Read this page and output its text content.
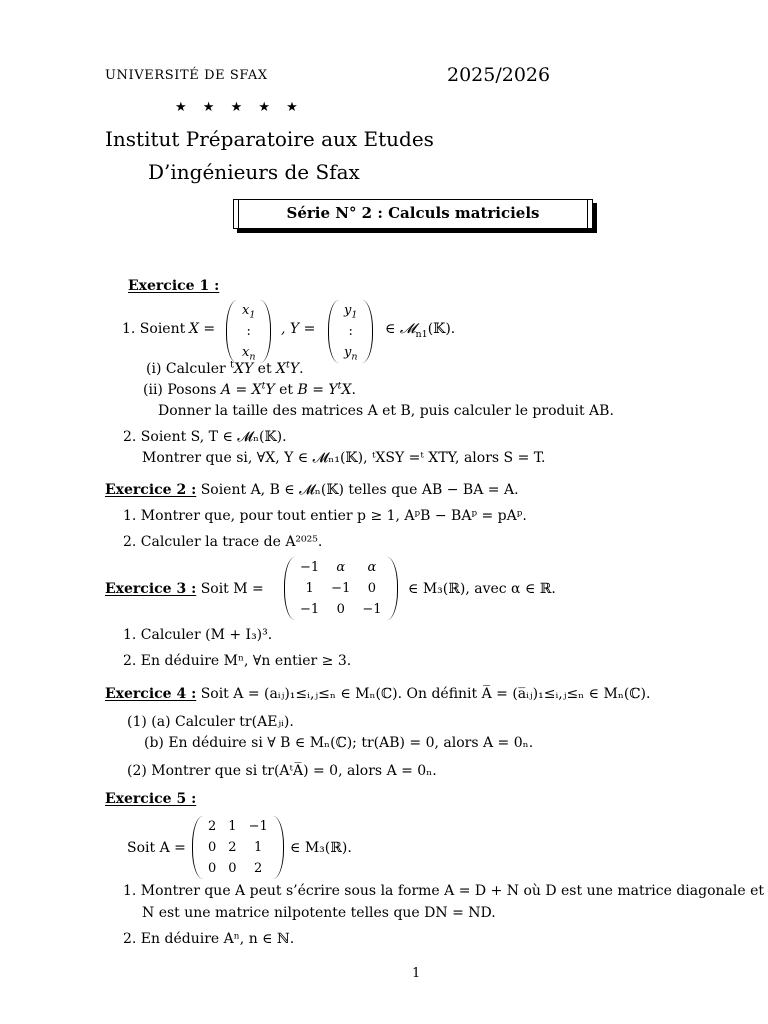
UNIVERSITÉ DE SFAX	2025/2026
★ ★ ★ ★ ★
Institut Préparatoire aux Etudes
D’ingénieurs de Sfax
Série N° 2 : Calculs matriciels
Exercice 1 :
1. Soient X =
$x_1$
:
$x_n$
, Y =
$y_1$
:
$y_n$
∈ 𝓜$_{n1}$(𝕂).
(i) Calculer $^t$XY et $X^tY$.
(ii) Posons $A = X^tY$ et $B = Y^tX$.
Donner la taille des matrices A et B, puis calculer le produit AB.
2. Soient S, T ∈ 𝓜ₙ(𝕂).
Montrer que si, ∀X, Y ∈ 𝓜ₙ₁(𝕂), ᵗXSY =ᵗ XTY, alors S = T.
Exercice 2 : Soient A, B ∈ 𝓜ₙ(𝕂) telles que AB − BA = A.
1. Montrer que, pour tout entier p ≥ 1, AᵖB − BAᵖ = pAᵖ.
2. Calculer la trace de A²⁰²⁵.
Exercice 3 : Soit M =
−1	α	α
1	−1	0
−1	0	−1
∈ M₃(ℝ), avec α ∈ ℝ.
1. Calculer (M + I₃)³.
2. En déduire Mⁿ, ∀n entier ≥ 3.
Exercice 4 : Soit A = (aᵢⱼ)₁≤ᵢ,ⱼ≤ₙ ∈ Mₙ(ℂ). On définit A̅ = (a̅ᵢⱼ)₁≤ᵢ,ⱼ≤ₙ ∈ Mₙ(ℂ).
(1) (a) Calculer tr(AEⱼᵢ).
(b) En déduire si ∀ B ∈ Mₙ(ℂ); tr(AB) = 0, alors A = 0ₙ.
(2) Montrer que si tr(AᵗA̅) = 0, alors A = 0ₙ.
Exercice 5 :
Soit A =
2	1	−1
0	2	1
0	0	2
∈ M₃(ℝ).
1. Montrer que A peut s’écrire sous la forme A = D + N où D est une matrice diagonale et
N est une matrice nilpotente telles que DN = ND.
2. En déduire Aⁿ, n ∈ ℕ.
1
